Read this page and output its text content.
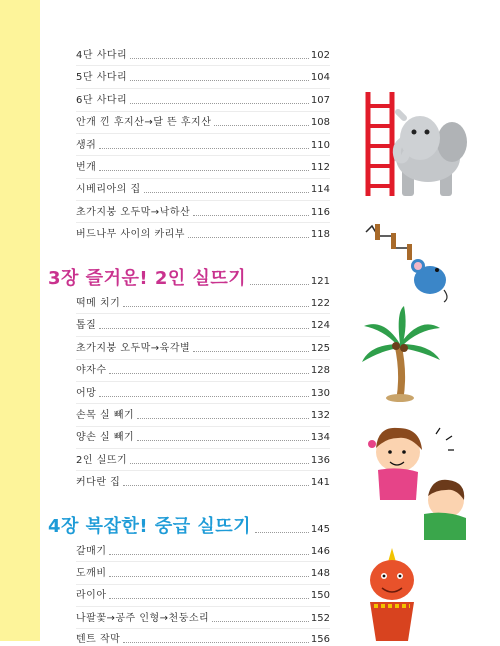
4단 사다리	102
5단 사다리	104
6단 사다리	107
안개 낀 후지산→달 뜬 후지산	108
생쥐	110
번개	112
시베리아의 집	114
초가지붕 오두막→낙하산	116
버드나무 사이의 카리부	118
3장 즐거운! 2인 실뜨기	121
떡메 치기	122
톱질	124
초가지붕 오두막→육각별	125
야자수	128
어망	130
손목 실 빼기	132
양손 실 빼기	134
2인 실뜨기	136
커다란 집	141
4장 복잡한! 중급 실뜨기	145
갈매기	146
도깨비	148
라이아	150
나팔꽃→공주 인형→천둥소리	152
텐트 작막	156
